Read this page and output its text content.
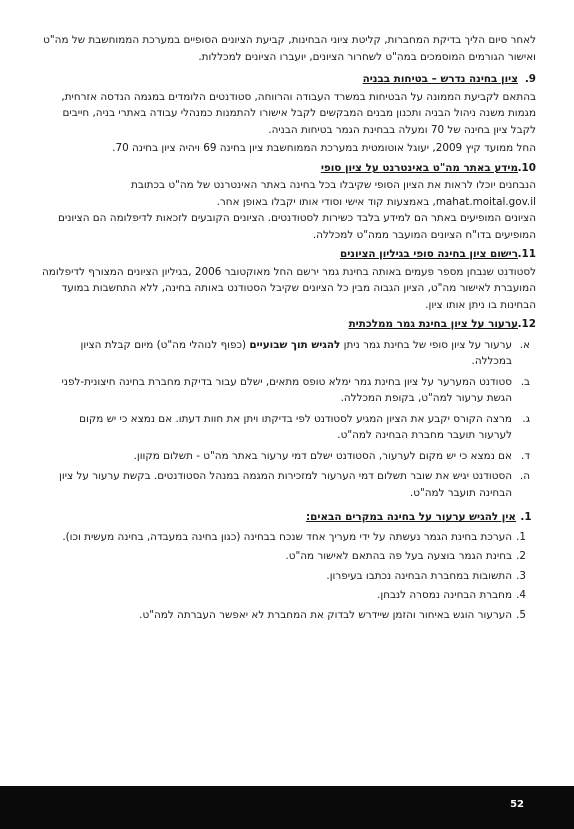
לאחר סיום הליך בדיקת המחברות, קליטת ציוני הבחינות, קביעת הציונים הסופיים במערכת הממוחשבת של מה"ט ואישור הגורמים המוסמכים במה"ט לשחרור הציונים, יועברו הציונים למכללות.

9.
ציון בחינה נדרש – בטיחות בבניה

בהתאם לקביעת הממונה על הבטיחות במשרד העבודה והרווחה, סטודנטים הלומדים במגמה הנדסה אזרחית, מגמות משנה ניהול הבניה ותכנון מבנים המבקשים לקבל אישורו להתמנות כמנהלי עבודה באתרי בניה, חייבים לקבל ציון בחינה של 70 ומעלה בבחינת הגמר בטיחות הבניה.

החל ממועד קיץ 2009, יעוגל אוטומטית במערכת הממוחשבת ציון בחינה 69 ויהיה ציון בחינה 70.

10.
מידע באתר מה"ט באינטרנט על ציון סופי

הנבחנים יוכלו לראות את הציון הסופי שקיבלו בכל בחינה באתר האינטרנט של מה"ט בכתובת mahat.moital.gov.il, באמצעות קוד אישי וסודי אותו יקבלו באופן אחר.

הציונים המופיעים באתר הם למידע בלבד כשירות לסטודנטים. הציונים הקובעים לזכאות לדיפלומה הם הציונים המופיעים בדו"ח הציונים המועבר ממה"ט למכללה.

11.
רישום ציון בחינה סופי בגיליון הציונים

לסטודנט שנבחן מספר פעמים באותה בחינת גמר ירשם החל מאוקטובר 2006 ,בגיליון הציונים המצורף לדיפלומה המועברת לאישור מה"ט, הציון הגבוה מבין כל הציונים שקיבל הסטודנט באותה בחינה, ללא התחשבות במועד הבחינות בו ניתן אותו ציון.

12.
ערעור על ציון בחינת גמר ממלכתית
א.
ערעור על ציון סופי של בחינת גמר ניתן להגיש תוך שבועיים (כפוף לנוהלי מה"ט) מיום קבלת הציון במכללה.
ב.
סטודנט המערער על ציון בחינת גמר ימלא טופס מתאים, ישלם עבור בדיקת מחברת בחינה חיצונית-לפני הגשת ערעור למה"ט, בקופת המכללה.
ג.
מרצה הקורס יקבע את הציון המגיע לסטודנט לפי בדיקתו ויתן את חוות דעתו. אם נמצא כי יש מקום לערעור תועבר מחברת הבחינה למה"ט.
ד.
אם נמצא כי יש מקום לערעור, הסטודנט ישלם דמי ערעור באתר מה"ט - תשלום מקוון.
ה.
הסטודנט יגיש את שובר תשלום דמי הערעור למזכירות המגמה במנהל הסטודנטים. בקשת ערעור על ציון הבחינה תועבר למה"ט.
1.
אין להגיש ערעור על בחינה במקרים הבאים:
1.
הערכת בחינת הגמר נעשתה על ידי מעריך אחד שנכח בבחינה (כגון בחינה במעבדה, בחינה מעשית וכו).
2.
בחינת הגמר בוצעה בעל פה בהתאם לאישור מה"ט.
3.
התשובות במחברת הבחינה נכתבו בעיפרון.
4.
מחברת הבחינה נמסרה לנבחן.
5.
הערעור הוגש באיחור והזמן שיידרש לבדוק את המחברת לא יאפשר העברתה למה"ט.
52
